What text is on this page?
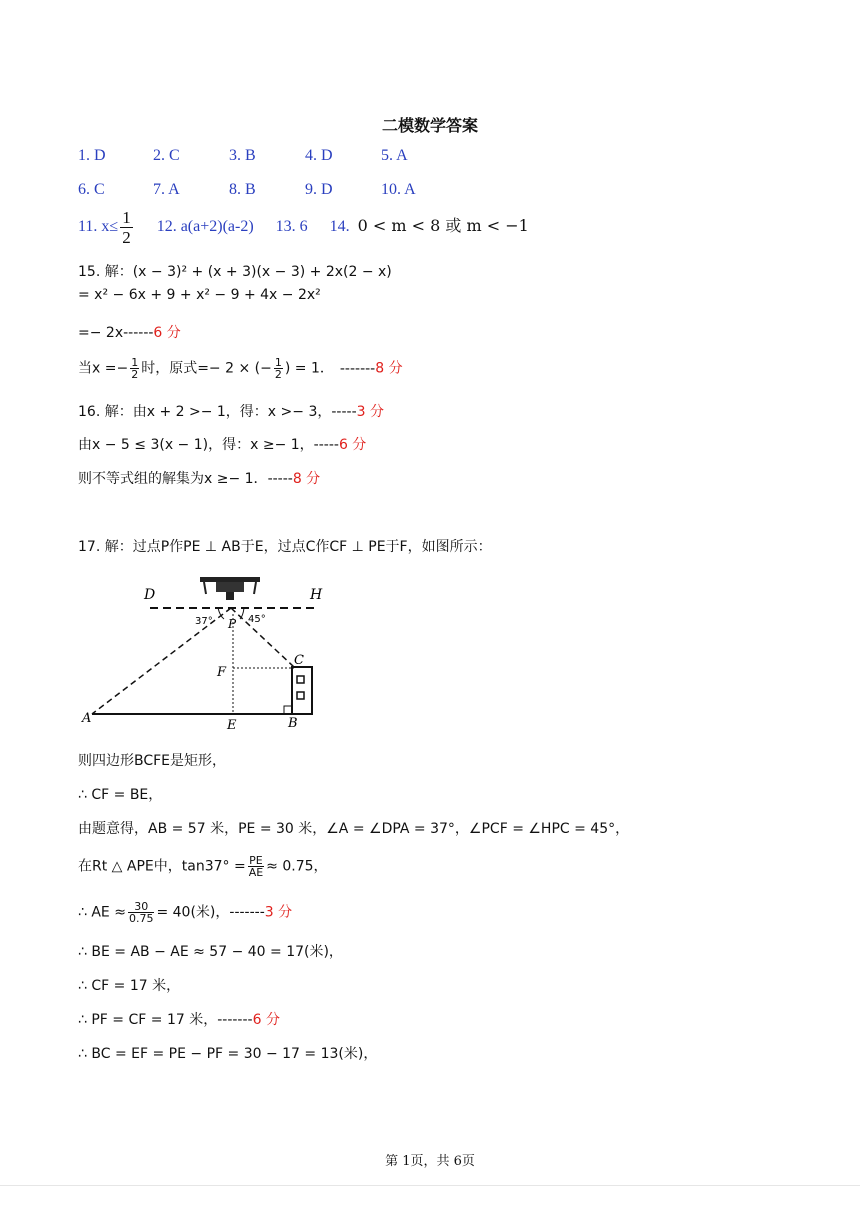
二模数学答案
1. D	2. C	3. B	4. D	5. A
6. C	7. A	8. B	9. D	10. A
11. $x\le \frac{1}{2} 12$. a(a+2)(a-2) 13. 6 14. 0 < m < 8 或 m < −1
15. 解：(x − 3)² + (x + 3)(x − 3) + 2x(2 − x)
= x² − 6x + 9 + x² − 9 + 4x − 2x²
=− 2x------6 分
当$x =- \frac{1}{2}$ 时，原式=− 2 × (− $\frac{1}{2}$ ) = 1． -------8 分
16. 解：由x + 2 >− 1，得：x >− 3，-----3 分
由x − 5 ≤ 3(x − 1)，得：x ≥− 1，-----6 分
则不等式组的解集为x ≥− 1．-----8 分
17. 解：过点P作PE ⊥ AB于E，过点C作CF ⊥ PE于F，如图所示：
D	H
P
37°	45°
C
F
A	E	B
则四边形BCFE是矩形，
∴ CF = BE，
由题意得，AB = 57 米，PE = 30 米，∠A = ∠DPA = 37°，∠PCF = ∠HPC = 45°，
在Rt △ APE中，$\tan 37^\circ = \frac{PE}{AE} \approx 0.75$，
∴ AE ≈ $\frac{30}{0.75} = 40$(米)，-------3 分
∴ BE = AB − AE ≈ 57 − 40 = 17(米)，
∴ CF = 17 米，
∴ PF = CF = 17 米，-------6 分
∴ BC = EF = PE − PF = 30 − 17 = 13(米)，
第 1页，共 6页
